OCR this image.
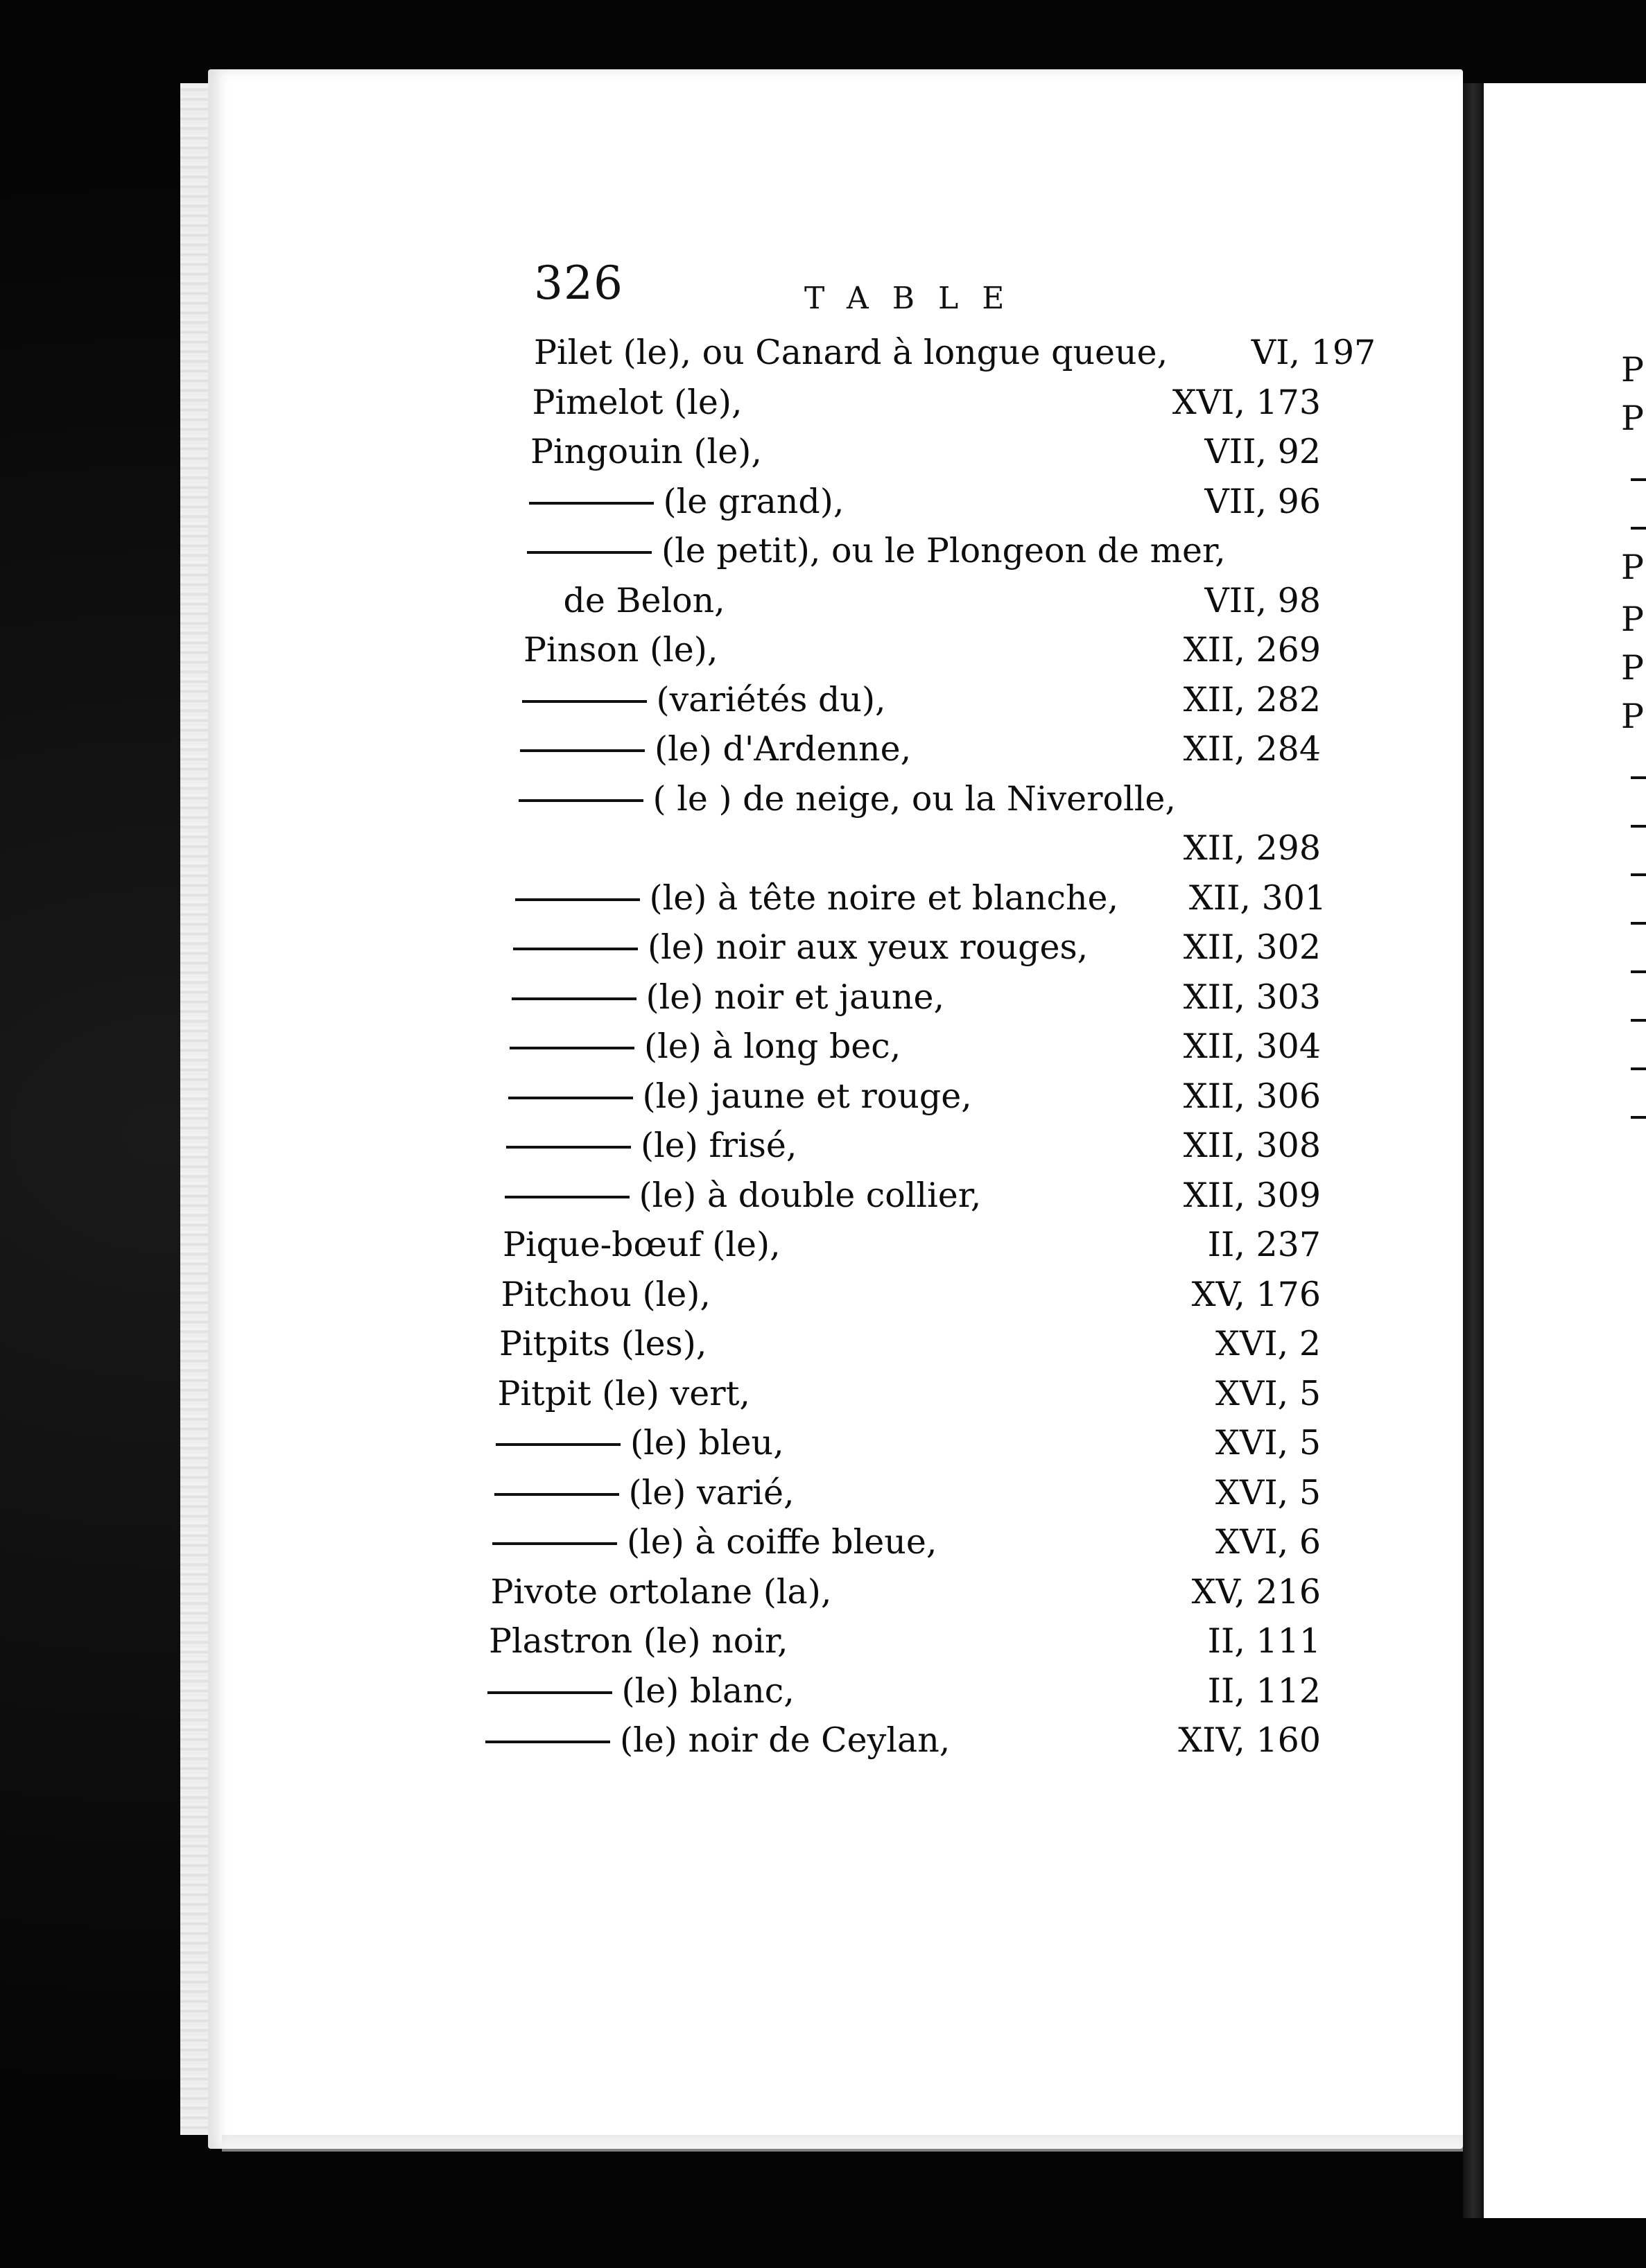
326	TABLE
Pilet (le), ou Canard à longue queue,	VI, 197
Pimelot (le),	XVI, 173
Pingouin (le),	VII, 92
(le grand),	VII, 96
(le petit), ou le Plongeon de mer,
de Belon,	VII, 98
Pinson (le),	XII, 269
(variétés du),	XII, 282
(le) d'Ardenne,	XII, 284
( le ) de neige, ou la Niverolle,
XII, 298
(le) à tête noire et blanche,	XII, 301
(le) noir aux yeux rouges,	XII, 302
(le) noir et jaune,	XII, 303
(le) à long bec,	XII, 304
(le) jaune et rouge,	XII, 306
(le) frisé,	XII, 308
(le) à double collier,	XII, 309
Pique-bœuf (le),	II, 237
Pitchou (le),	XV, 176
Pitpits (les),	XVI, 2
Pitpit (le) vert,	XVI, 5
(le) bleu,	XVI, 5
(le) varié,	XVI, 5
(le) à coiffe bleue,	XVI, 6
Pivote ortolane (la),	XV, 216
Plastron (le) noir,	II, 111
(le) blanc,	II, 112
(le) noir de Ceylan,	XIV, 160
P
P
P
P
P
P
